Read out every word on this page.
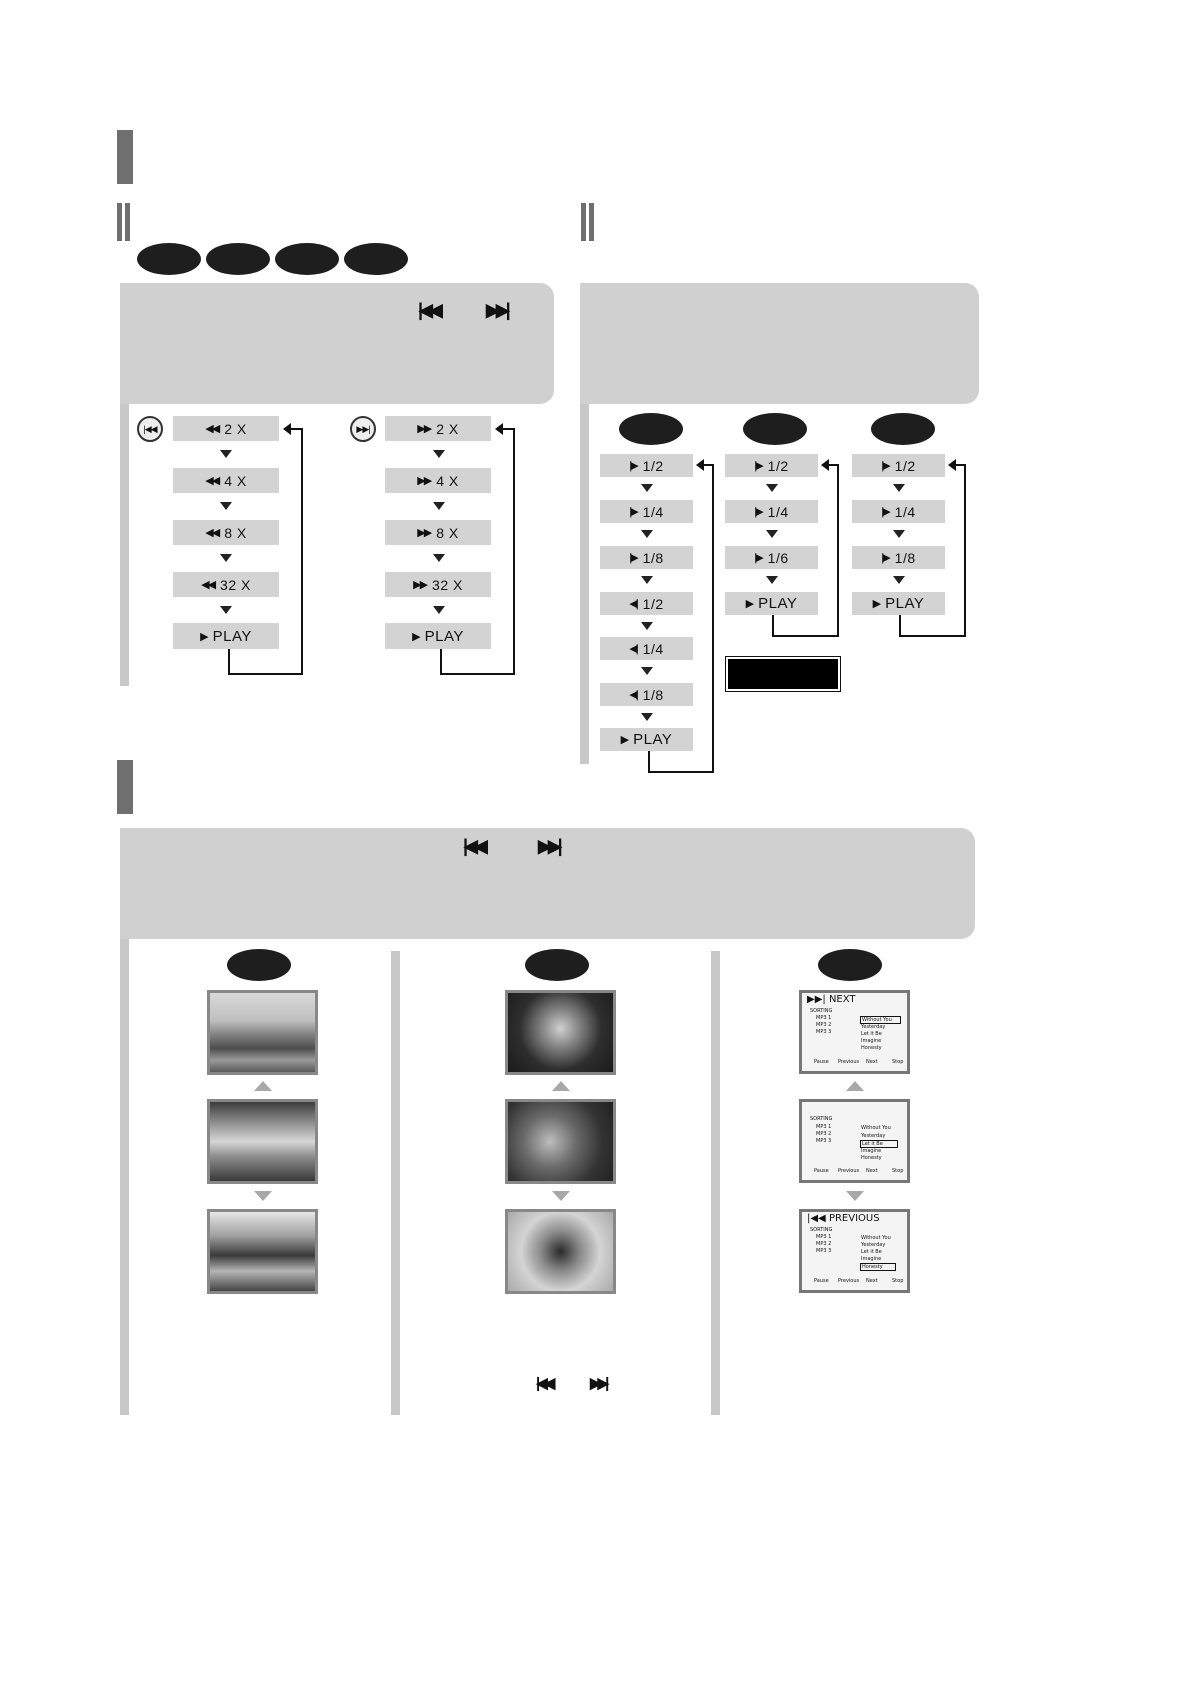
|◀◀	▶▶|
|◀◀	◀◀ 2 X
◀◀ 4 X
◀◀ 8 X
◀◀ 32 X
▶ PLAY
▶▶|	▶▶ 2 X
▶▶ 4 X
▶▶ 8 X
▶▶ 32 X
▶ PLAY
|▶ 1/2
|▶ 1/4
|▶ 1/8
◀| 1/2
◀| 1/4
◀| 1/8
▶ PLAY
|▶ 1/2
|▶ 1/4
|▶ 1/6
▶ PLAY
|▶ 1/2
|▶ 1/4
|▶ 1/8
▶ PLAY
|◀◀	▶▶|
|◀◀	▶▶|
▶▶| NEXT
SORTING
MP3 1
MP3 2
MP3 3
Without You
Yesterday
Let it Be
Imagine
Honesty
Pause Previous Next	Stop
SORTING
MP3 1
MP3 2
MP3 3
Without You
Yesterday
Let it Be
Imagine
Honesty
Pause Previous Next	Stop
|◀◀ PREVIOUS
SORTING
MP3 1
MP3 2
MP3 3
Without You
Yesterday
Let it Be
Imagine
Honesty
Pause Previous Next	Stop
